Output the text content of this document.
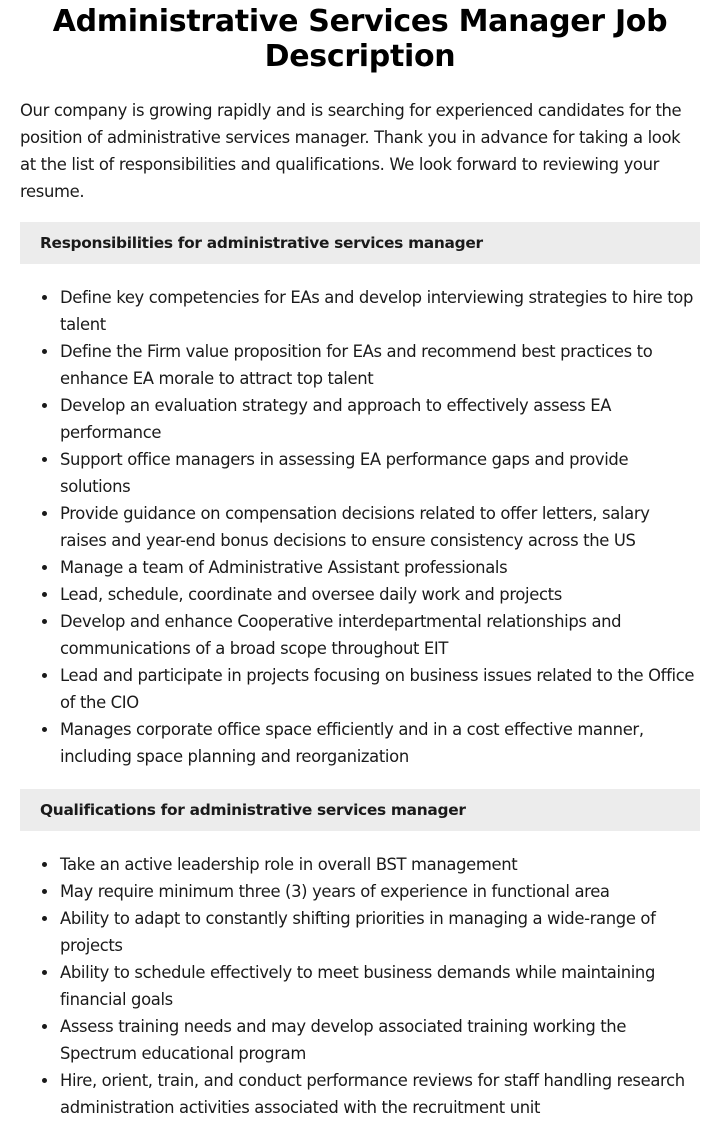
Administrative Services Manager Job Description

Our company is growing rapidly and is searching for experienced candidates for the position of administrative services manager. Thank you in advance for taking a look at the list of responsibilities and qualifications. We look forward to reviewing your resume.

Responsibilities for administrative services manager
Define key competencies for EAs and develop interviewing strategies to hire top talent
Define the Firm value proposition for EAs and recommend best practices to enhance EA morale to attract top talent
Develop an evaluation strategy and approach to effectively assess EA performance
Support office managers in assessing EA performance gaps and provide solutions
Provide guidance on compensation decisions related to offer letters, salary raises and year-end bonus decisions to ensure consistency across the US
Manage a team of Administrative Assistant professionals
Lead, schedule, coordinate and oversee daily work and projects
Develop and enhance Cooperative interdepartmental relationships and communications of a broad scope throughout EIT
Lead and participate in projects focusing on business issues related to the Office of the CIO
Manages corporate office space efficiently and in a cost effective manner, including space planning and reorganization
Qualifications for administrative services manager
Take an active leadership role in overall BST management
May require minimum three (3) years of experience in functional area
Ability to adapt to constantly shifting priorities in managing a wide-range of projects
Ability to schedule effectively to meet business demands while maintaining financial goals
Assess training needs and may develop associated training working the Spectrum educational program
Hire, orient, train, and conduct performance reviews for staff handling research administration activities associated with the recruitment unit
